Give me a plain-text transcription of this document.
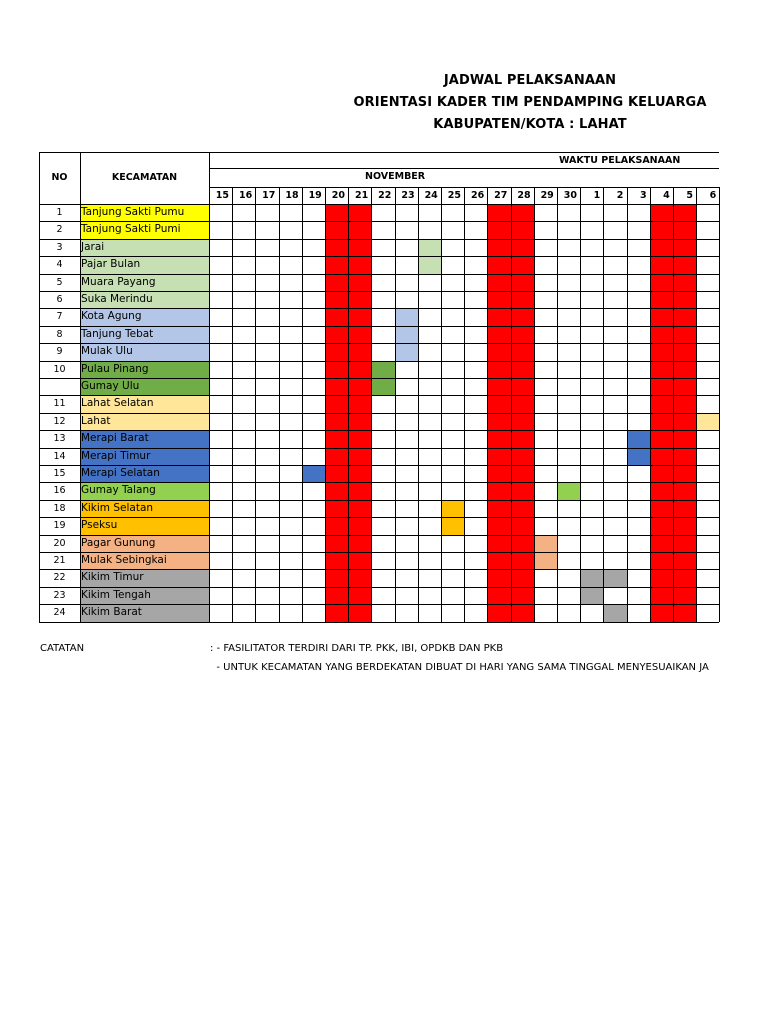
JADWAL PELAKSANAAN
ORIENTASI KADER TIM PENDAMPING KELUARGA
KABUPATEN/KOTA : LAHAT
NO	KECAMATAN
WAKTU PELAKSANAAN
NOVEMBER
15	16	17	18	19	20	21	22	23	24	25	26	27	28	29	30	1	2	3	4	5	6
1	Tanjung Sakti Pumu
2	Tanjung Sakti Pumi
3	Jarai
4	Pajar Bulan
5	Muara Payang
6	Suka Merindu
7	Kota Agung
8	Tanjung Tebat
9	Mulak Ulu
10	Pulau Pinang
Gumay Ulu
11	Lahat Selatan
12	Lahat
13	Merapi Barat
14	Merapi Timur
15	Merapi Selatan
16	Gumay Talang
18	Kikim Selatan
19	Pseksu
20	Pagar Gunung
21	Mulak Sebingkai
22	Kikim Timur
23	Kikim Tengah
24	Kikim Barat
CATATAN	: - FASILITATOR TERDIRI DARI TP. PKK, IBI, OPDKB DAN PKB
- UNTUK KECAMATAN YANG BERDEKATAN DIBUAT DI HARI YANG SAMA TINGGAL MENYESUAIKAN JA
